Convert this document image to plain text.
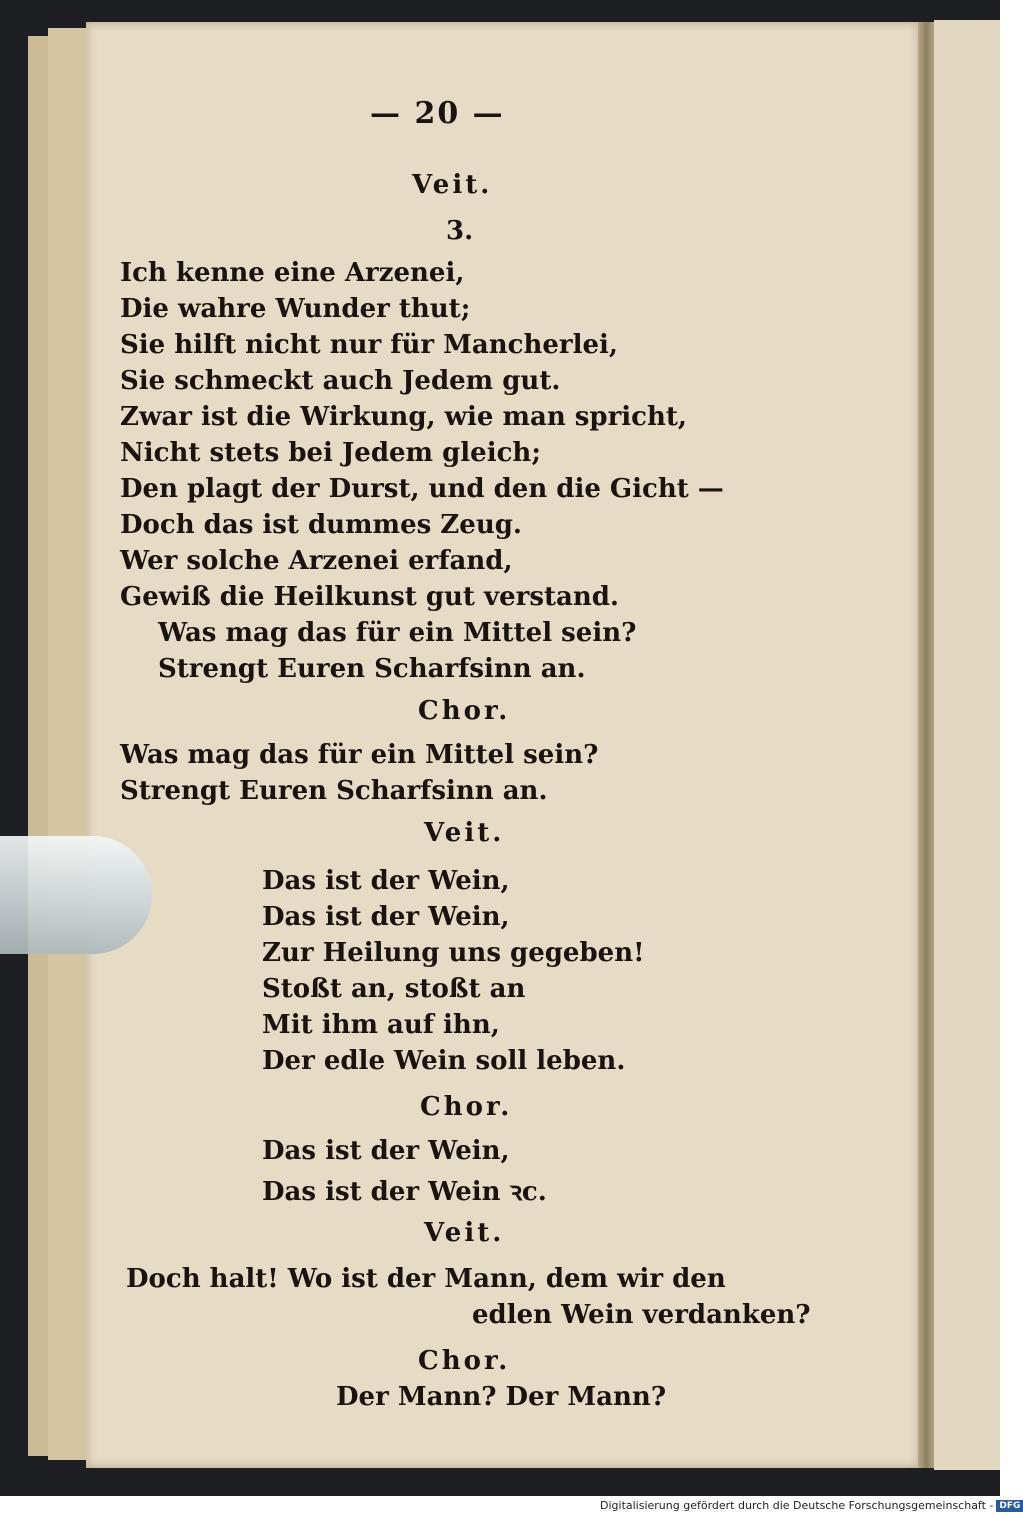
— 20 —
Veit.
3.
Ich kenne eine Arzenei,
Die wahre Wunder thut;
Sie hilft nicht nur für Mancherlei,
Sie schmeckt auch Jedem gut.
Zwar ist die Wirkung, wie man spricht,
Nicht stets bei Jedem gleich;
Den plagt der Durst, und den die Gicht —
Doch das ist dummes Zeug.
Wer solche Arzenei erfand,
Gewiß die Heilkunst gut verstand.
Was mag das für ein Mittel sein?
Strengt Euren Scharfsinn an.
Chor.
Was mag das für ein Mittel sein?
Strengt Euren Scharfsinn an.
Veit.
Das ist der Wein,
Das ist der Wein,
Zur Heilung uns gegeben!
Stoßt an, stoßt an
Mit ihm auf ihn,
Der edle Wein soll leben.
Chor.
Das ist der Wein,
Das ist der Wein ꝛc.
Veit.
Doch halt! Wo ist der Mann, dem wir den
edlen Wein verdanken?
Chor.
Der Mann? Der Mann?
Digitalisierung gefördert durch die Deutsche Forschungsgemeinschaft - DFG
